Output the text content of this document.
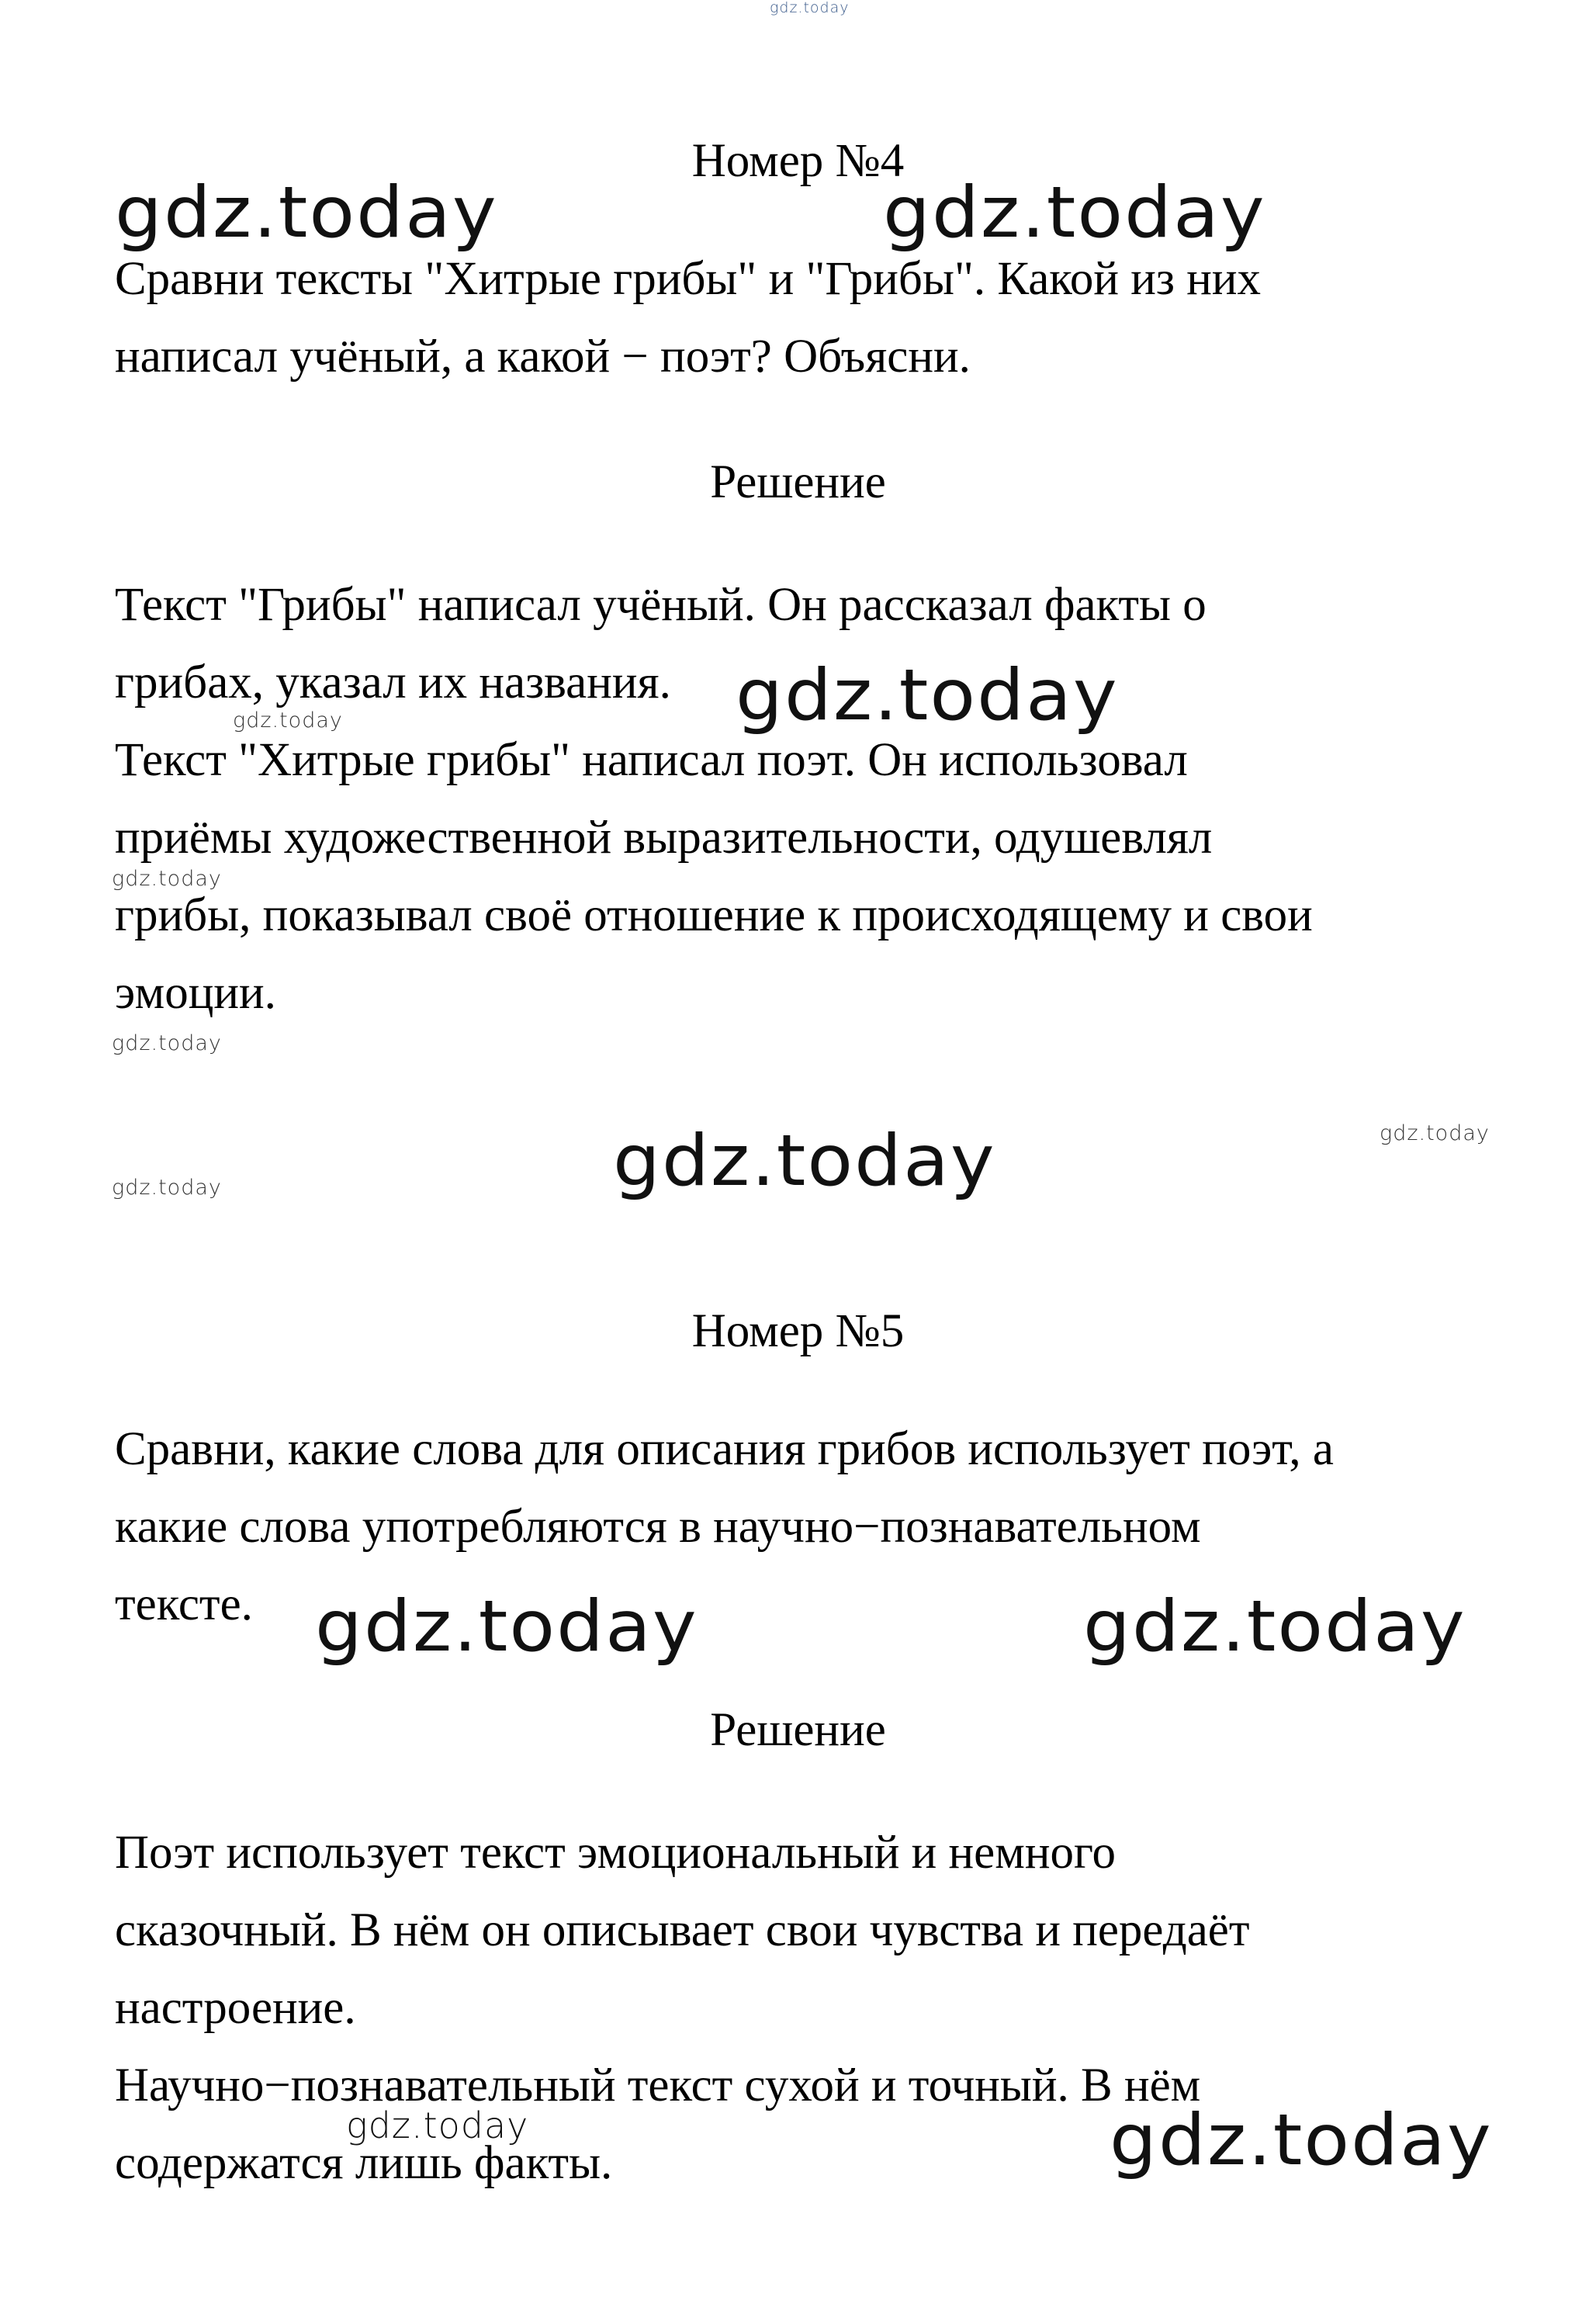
gdz.today
Номер №4
Сравни тексты "Хитрые грибы" и "Грибы". Какой из них
написал учёный, а какой − поэт? Объясни.
Решение
Текст "Грибы" написал учёный. Он рассказал факты о
грибах, указал их названия.
Текст "Хитрые грибы" написал поэт. Он использовал
приёмы художественной выразительности, одушевлял
грибы, показывал своё отношение к происходящему и свои
эмоции.
Номер №5
Сравни, какие слова для описания грибов использует поэт, а
какие слова употребляются в научно−познавательном
тексте.
Решение
Поэт использует текст эмоциональный и немного
сказочный. В нём он описывает свои чувства и передаёт
настроение.
Научно−познавательный текст сухой и точный. В нём
содержатся лишь факты.
gdz.today	gdz.today
gdz.today
gdz.today
gdz.today	gdz.today
gdz.today
gdz.today
gdz.today
gdz.today
gdz.today
gdz.today
gdz.today
